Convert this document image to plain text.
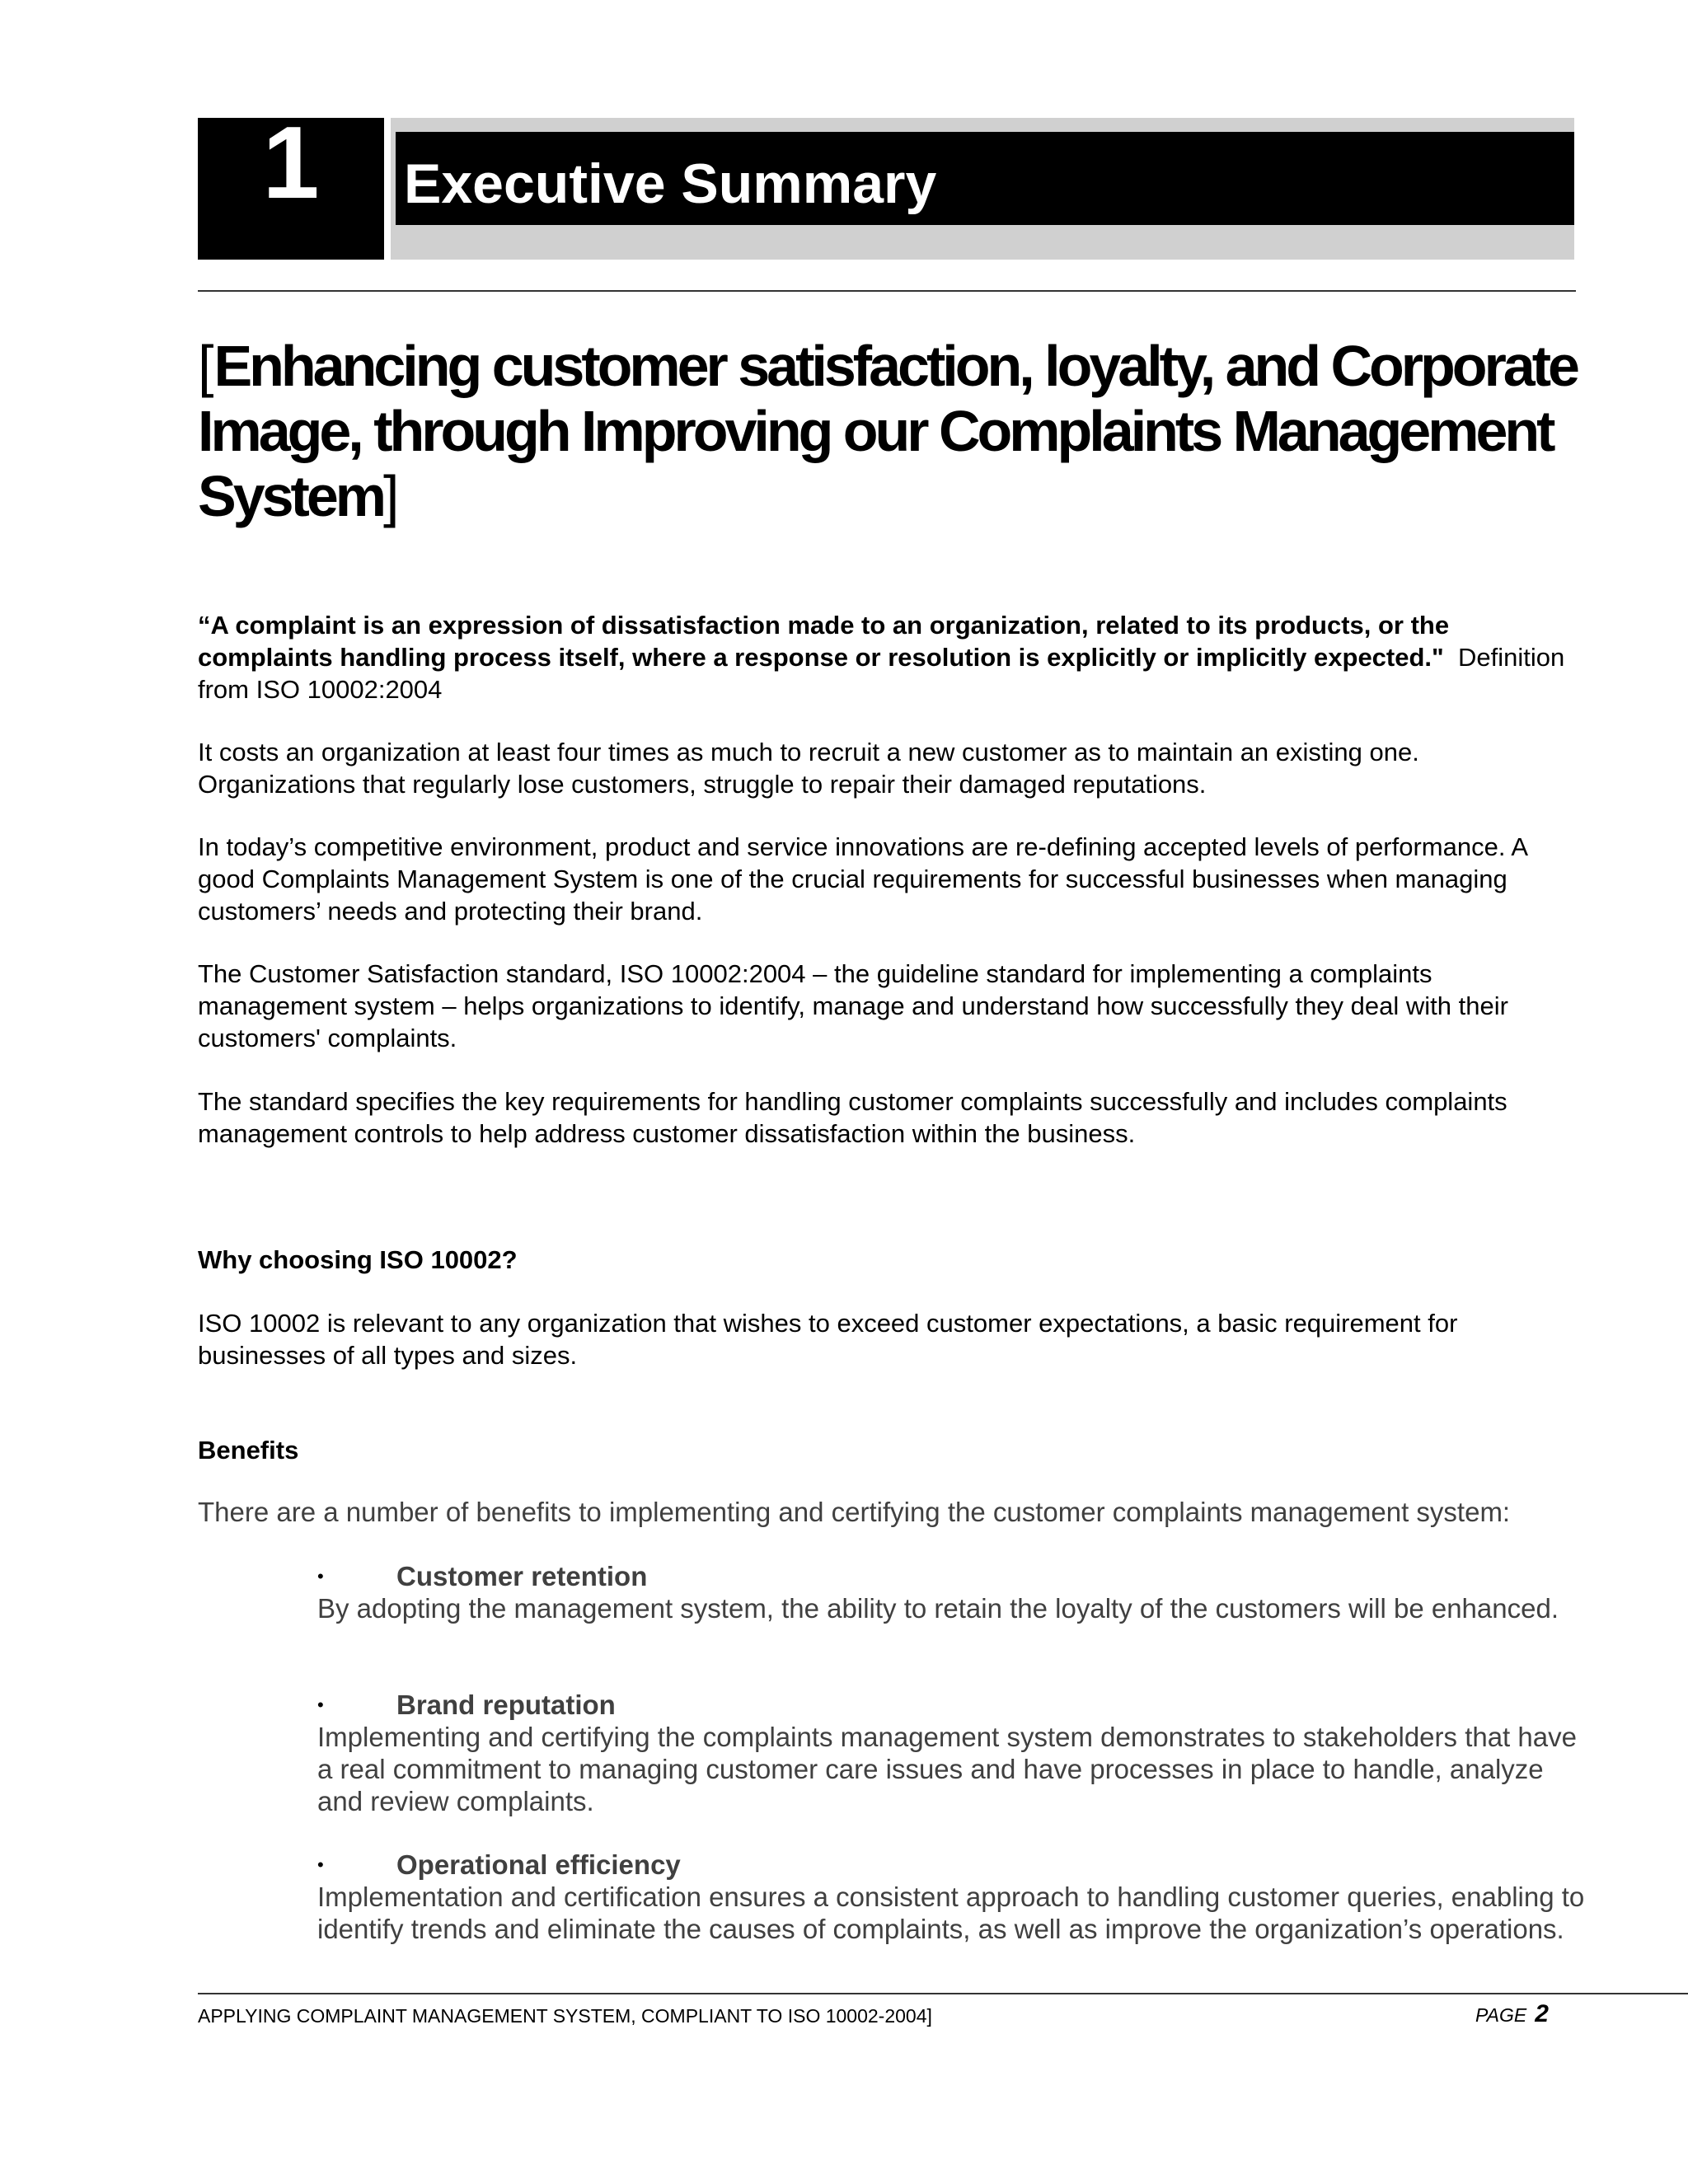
1	Executive Summary
[Enhancing customer satisfaction, loyalty, and Corporate Image, through Improving our Complaints Management System]
“A complaint is an expression of dissatisfaction made to an organization, related to its products, or the complaints handling process itself, where a response or resolution is explicitly or implicitly expected." Definition from ISO 10002:2004
It costs an organization at least four times as much to recruit a new customer as to maintain an existing one. Organizations that regularly lose customers, struggle to repair their damaged reputations.
In today’s competitive environment, product and service innovations are re-defining accepted levels of performance. A good Complaints Management System is one of the crucial requirements for successful businesses when managing customers’ needs and protecting their brand.
The Customer Satisfaction standard, ISO 10002:2004 – the guideline standard for implementing a complaints management system – helps organizations to identify, manage and understand how successfully they deal with their customers' complaints.
The standard specifies the key requirements for handling customer complaints successfully and includes complaints management controls to help address customer dissatisfaction within the business.
Why choosing ISO 10002?
ISO 10002 is relevant to any organization that wishes to exceed customer expectations, a basic requirement for businesses of all types and sizes.
Benefits
There are a number of benefits to implementing and certifying the customer complaints management system:
•	Customer retention

By adopting the management system, the ability to retain the loyalty of the customers will be enhanced.

•	Brand reputation

Implementing and certifying the complaints management system demonstrates to stakeholders that have a real commitment to managing customer care issues and have processes in place to handle, analyze and review complaints.

•	Operational efficiency

Implementation and certification ensures a consistent approach to handling customer queries, enabling to identify trends and eliminate the causes of complaints, as well as improve the organization’s operations.

APPLYING COMPLAINT MANAGEMENT SYSTEM, COMPLIANT TO ISO 10002-2004]	PAGE 2
